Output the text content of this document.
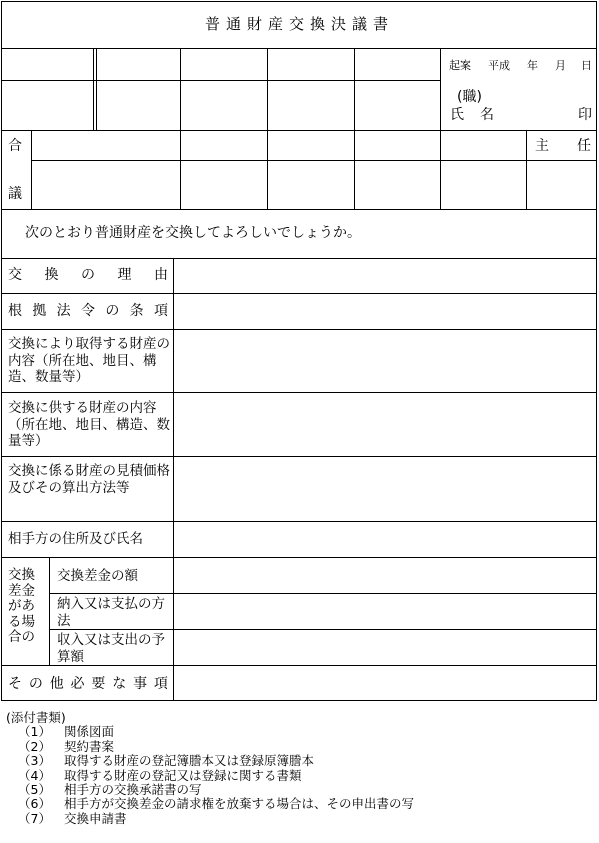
普通財産交換決議書
起案 平成 年 月 日
(職)
氏 名	印
合
議
主 任
次のとおり普通財産を交換してよろしいでしょうか。
交 換 の 理 由
根 拠 法 令 の 条 項
交換により取得する財産の内容（所在地、地目、構造、数量等）
交換に供する財産の内容（所在地、地目、構造、数量等）
交換に係る財産の見積価格及びその算出方法等
相手方の住所及び氏名
交換差金がある場合の
交換差金の額
納入又は支払の方法
収入又は支出の予算額
そ の 他 必 要 な 事 項
(添付書類)
（1） 関係図面
（2） 契約書案
（3） 取得する財産の登記簿謄本又は登録原簿謄本
（4） 取得する財産の登記又は登録に関する書類
（5） 相手方の交換承諾書の写
（6） 相手方が交換差金の請求権を放棄する場合は、その申出書の写
（7） 交換申請書
